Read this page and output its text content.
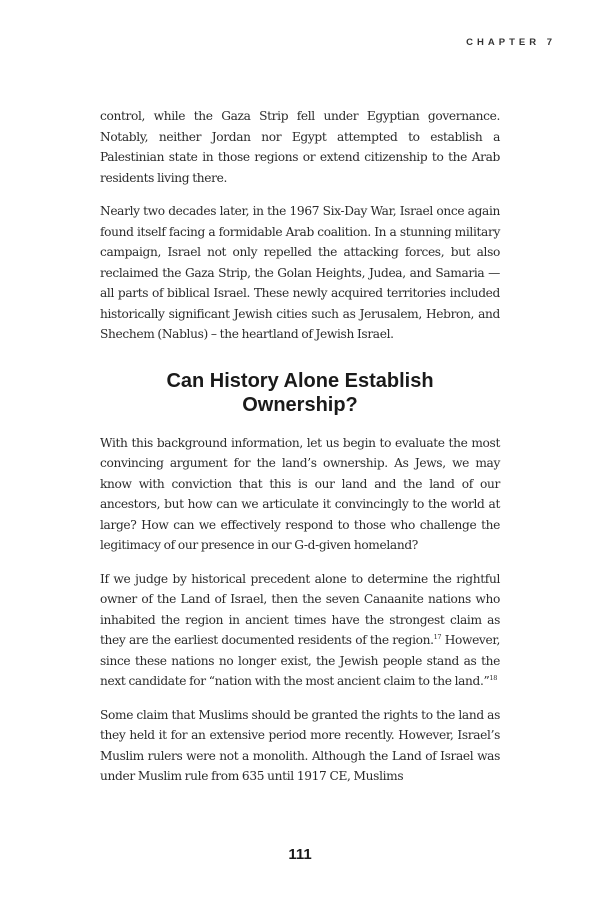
CHAPTER 7

control, while the Gaza Strip fell under Egyptian governance. Notably, neither Jordan nor Egypt attempted to establish a Palestinian state in those regions or extend citizenship to the Arab residents living there.

Nearly two decades later, in the 1967 Six-Day War, Israel once again found itself facing a formidable Arab coalition. In a stunning military campaign, Israel not only repelled the attacking forces, but also reclaimed the Gaza Strip, the Golan Heights, Judea, and Samaria — all parts of biblical Israel. These newly acquired territories included historically significant Jewish cities such as Jerusalem, Hebron, and Shechem (Nablus) – the heartland of Jewish Israel.

Can History Alone Establish
Ownership?

With this background information, let us begin to evaluate the most convincing argument for the land’s ownership. As Jews, we may know with conviction that this is our land and the land of our ancestors, but how can we articulate it convincingly to the world at large? How can we effectively respond to those who challenge the legitimacy of our presence in our G-d-given homeland?

If we judge by historical precedent alone to determine the rightful owner of the Land of Israel, then the seven Canaanite nations who inhabited the region in ancient times have the strongest claim as they are the earliest documented residents of the region.$^{17}$ However, since these nations no longer exist, the Jewish people stand as the next candidate for “nation with the most ancient claim to the land.”$^{18}$

Some claim that Muslims should be granted the rights to the land as they held it for an extensive period more recently. However, Israel’s Muslim rulers were not a monolith. Although the Land of Israel was under Muslim rule from 635 until 1917 CE, Muslims

111
